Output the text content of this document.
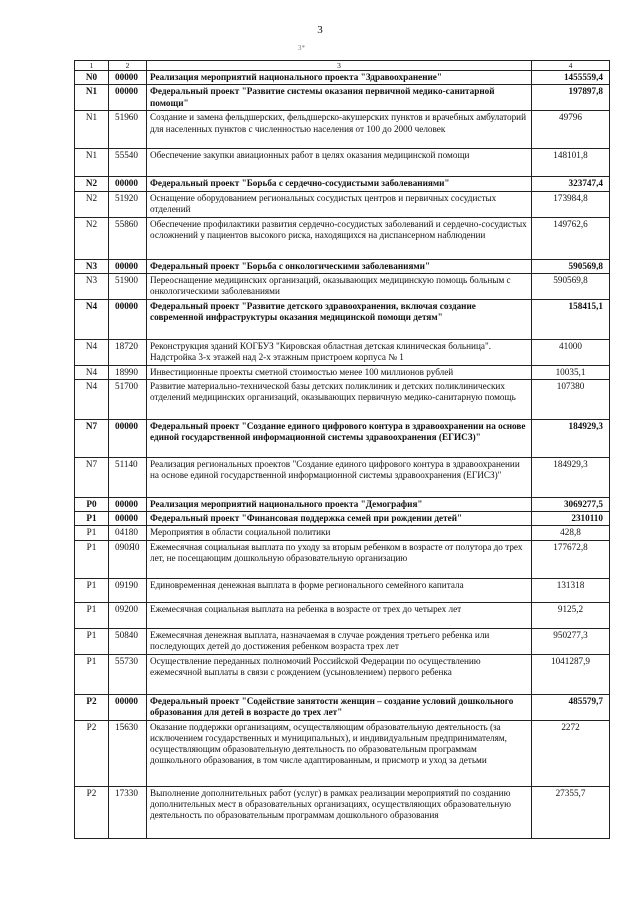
3
3*
1	2	3	4
N0	00000	Реализация мероприятий национального проекта "Здравоохранение"	1455559,4
N1	00000	Федеральный проект "Развитие системы оказания первичной медико-санитарной помощи"	197897,8
N1	51960	Создание и замена фельдшерских, фельдшерско-акушерских пунктов и врачебных амбулаторий для населенных пунктов с численностью населения от 100 до 2000 человек	49796
N1	55540	Обеспечение закупки авиационных работ в целях оказания медицинской помощи	148101,8
N2	00000	Федеральный проект "Борьба с сердечно-сосудистыми заболеваниями"	323747,4
N2	51920	Оснащение оборудованием региональных сосудистых центров и первичных сосудистых отделений	173984,8
N2	55860	Обеспечение профилактики развития сердечно-сосудистых заболеваний и сердечно-сосудистых осложнений у пациентов высокого риска, находящихся на диспансерном наблюдении	149762,6
N3	00000	Федеральный проект "Борьба с онкологическими заболеваниями"	590569,8
N3	51900	Переоснащение медицинских организаций, оказывающих медицинскую помощь больным с онкологическими заболеваниями	590569,8
N4	00000	Федеральный проект "Развитие детского здравоохранения, включая создание современной инфраструктуры оказания медицинской помощи детям"	158415,1
N4	18720	Реконструкция зданий КОГБУЗ "Кировская областная детская клиническая больница". Надстройка 3-х этажей над 2-х этажным пристроем корпуса № 1	41000
N4	18990	Инвестиционные проекты сметной стоимостью менее 100 миллионов рублей	10035,1
N4	51700	Развитие материально-технической базы детских поликлиник и детских поликлинических отделений медицинских организаций, оказывающих первичную медико-санитарную помощь	107380
N7	00000	Федеральный проект "Создание единого цифрового контура в здравоохранении на основе единой государственной информационной системы здравоохранения (ЕГИСЗ)"	184929,3
N7	51140	Реализация региональных проектов "Создание единого цифрового контура в здравоохранении на основе единой государственной информационной системы здравоохранения (ЕГИСЗ)"	184929,3
P0	00000	Реализация мероприятий национального проекта "Демография"	3069277,5
P1	00000	Федеральный проект "Финансовая поддержка семей при рождении детей"	2310110
P1	04180	Мероприятия в области социальной политики	428,8
P1	090Я0	Ежемесячная социальная выплата по уходу за вторым ребенком в возрасте от полутора до трех лет, не посещающим дошкольную образовательную организацию	177672,8
P1	09190	Единовременная денежная выплата в форме регионального семейного капитала	131318
P1	09200	Ежемесячная социальная выплата на ребенка в возрасте от трех до четырех лет	9125,2
P1	50840	Ежемесячная денежная выплата, назначаемая в случае рождения третьего ребенка или последующих детей до достижения ребенком возраста трех лет	950277,3
P1	55730	Осуществление переданных полномочий Российской Федерации по осуществлению ежемесячной выплаты в связи с рождением (усыновлением) первого ребенка	1041287,9
P2	00000	Федеральный проект "Содействие занятости женщин – создание условий дошкольного образования для детей в возрасте до трех лет"	485579,7
P2	15630	Оказание поддержки организациям, осуществляющим образовательную деятельность (за исключением государственных и муниципальных), и индивидуальным предпринимателям, осуществляющим образовательную деятельность по образовательным программам дошкольного образования, в том числе адаптированным, и присмотр и уход за детьми	2272
P2	17330	Выполнение дополнительных работ (услуг) в рамках реализации мероприятий по созданию дополнительных мест в образовательных организациях, осуществляющих образовательную деятельность по образовательным программам дошкольного образования	27355,7
